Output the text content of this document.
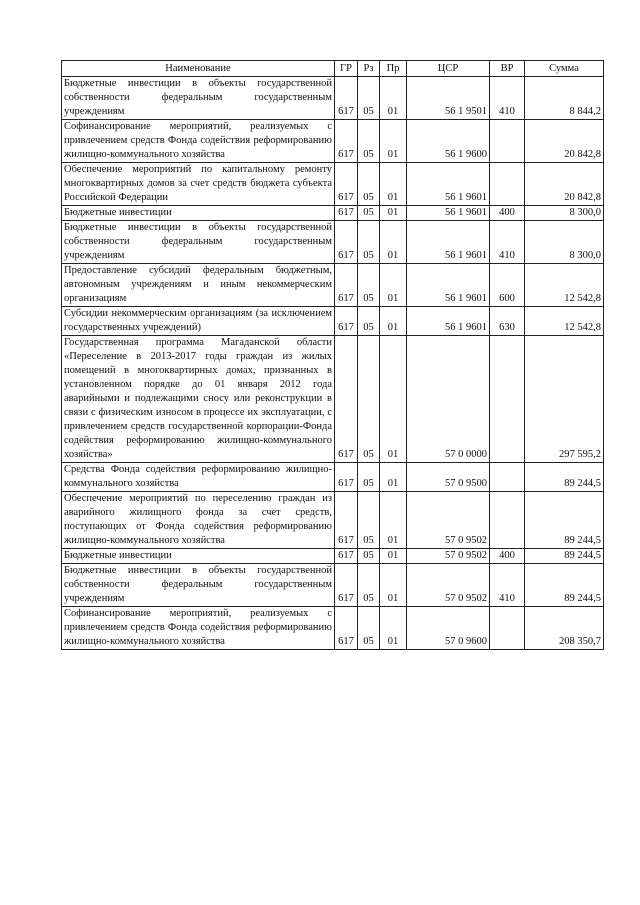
Наименование	ГР	Рз	Пр	ЦСР	ВР	Сумма
Бюджетные инвестиции в объекты государственной собственности федеральным государственным учреждениям	617	05	01	56 1 9501	410	8 844,2
Софинансирование мероприятий, реализуемых с привлечением средств Фонда содействия реформированию жилищно-коммунального хозяйства	617	05	01	56 1 9600		20 842,8
Обеспечение мероприятий по капитальному ремонту многоквартирных домов за счет средств бюджета субъекта Российской Федерации	617	05	01	56 1 9601		20 842,8
Бюджетные инвестиции	617	05	01	56 1 9601	400	8 300,0
Бюджетные инвестиции в объекты государственной собственности федеральным государственным учреждениям	617	05	01	56 1 9601	410	8 300,0
Предоставление субсидий федеральным бюджетным, автономным учреждениям и иным некоммерческим организациям	617	05	01	56 1 9601	600	12 542,8
Субсидии некоммерческим организациям (за исключением государственных учреждений)	617	05	01	56 1 9601	630	12 542,8
Государственная программа Магаданской области «Переселение в 2013-2017 годы граждан из жилых помещений в многоквартирных домах, признанных в установленном порядке до 01 января 2012 года аварийными и подлежащими сносу или реконструкции в связи с физическим износом в процессе их эксплуатации, с привлечением средств государственной корпорации-Фонда содействия реформированию жилищно-коммунального хозяйства»	617	05	01	57 0 0000		297 595,2
Средства Фонда содействия реформированию жилищно-коммунального хозяйства	617	05	01	57 0 9500		89 244,5
Обеспечение мероприятий по переселению граждан из аварийного жилищного фонда за счет средств, поступающих от Фонда содействия реформированию жилищно-коммунального хозяйства	617	05	01	57 0 9502		89 244,5
Бюджетные инвестиции	617	05	01	57 0 9502	400	89 244,5
Бюджетные инвестиции в объекты государственной собственности федеральным государственным учреждениям	617	05	01	57 0 9502	410	89 244,5
Софинансирование мероприятий, реализуемых с привлечением средств Фонда содействия реформированию жилищно-коммунального хозяйства	617	05	01	57 0 9600		208 350,7
